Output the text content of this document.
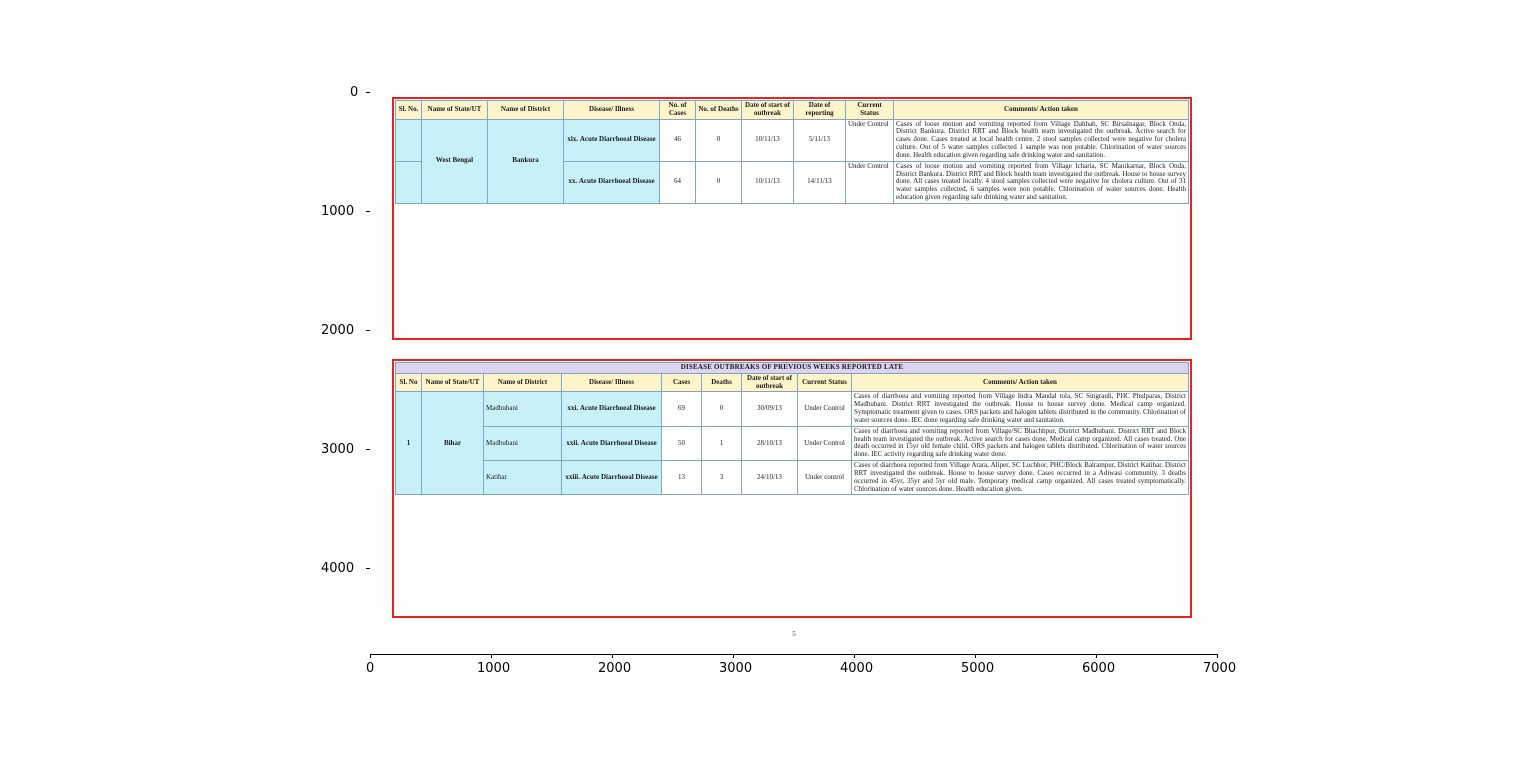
0	1000	2000	3000	4000	5000	6000	7000
0
1000
2000
3000
4000
Sl. No.	Name of State/UT	Name of District	Disease/ Illness	No. of Cases	No. of Deaths	Date of start of outbreak	Date of reporting	Current Status	Comments/ Action taken
	West Bengal	Bankura	xix. Acute Diarrhoeal Disease	46	0	10/11/13	5/11/13	Under Control	Cases of loose motion and vomiting reported from Village Dahhah, SC Birsalnagar, Block Onda, District Bankura. District RRT and Block health team investigated the outbreak. Active search for cases done. Cases treated at local health centre. 2 stool samples collected were negative for cholera culture. Out of 5 water samples collected 1 sample was non potable. Chlorination of water sources done. Health education given regarding safe drinking water and sanitation.
			xx. Acute Diarrhoeal Disease	64	0	10/11/13	14/11/13	Under Control	Cases of loose motion and vomiting reported from Village Icharia, SC Manikarnar, Block Onda, District Bankura. District RRT and Block health team investigated the outbreak. House to house survey done. All cases treated locally. 4 stool samples collected were negative for cholera culture. Out of 31 water samples collected, 6 samples were non potable. Chlorination of water sources done. Health education given regarding safe drinking water and sanitation.
DISEASE OUTBREAKS OF PREVIOUS WEEKS REPORTED LATE								
Sl. No	Name of State/UT	Name of District	Disease/ Illness	Cases	Deaths	Date of start of outbreak	Current Status	Comments/ Action taken
1	Bihar	Madhubani	xxi. Acute Diarrhoeal Disease	69	0	30/09/13	Under Control	Cases of diarrhoea and vomiting reported from Village Indra Mandal tola, SC Singrauli, PHC Phulparas, District Madhubani. District RRT investigated the outbreak. House to house survey done. Medical camp organized. Symptomatic treatment given to cases. ORS packets and halogen tablets distributed in the community. Chlorination of water sources done. IEC done regarding safe drinking water and sanitation.
		Madhubani	xxii. Acute Diarrhoeal Disease	50	1	28/10/13	Under Control	Cases of diarrhoea and vomiting reported from Village/SC Bhachhpur, District Madhubani. District RRT and Block health team investigated the outbreak. Active search for cases done. Medical camp organized. All cases treated. One death occurred in 15yr old female child. ORS packets and halogen tablets distributed. Chlorination of water sources done. IEC activity regarding safe drinking water done.
		Katihar	xxiii. Acute Diarrhoeal Disease	13	3	24/10/13	Under control	Cases of diarrhoea reported from Village Arara, Aliper, SC Luchhor, PHC/Block Balrampur, District Katihar. District RRT investigated the outbreak. House to house survey done. Cases occurred in a Adiwasi community. 3 deaths occurred in 45yr, 35yr and 5yr old male. Temporary medical camp organized. All cases treated symptomatically. Chlorination of water sources done. Health education given.
5
